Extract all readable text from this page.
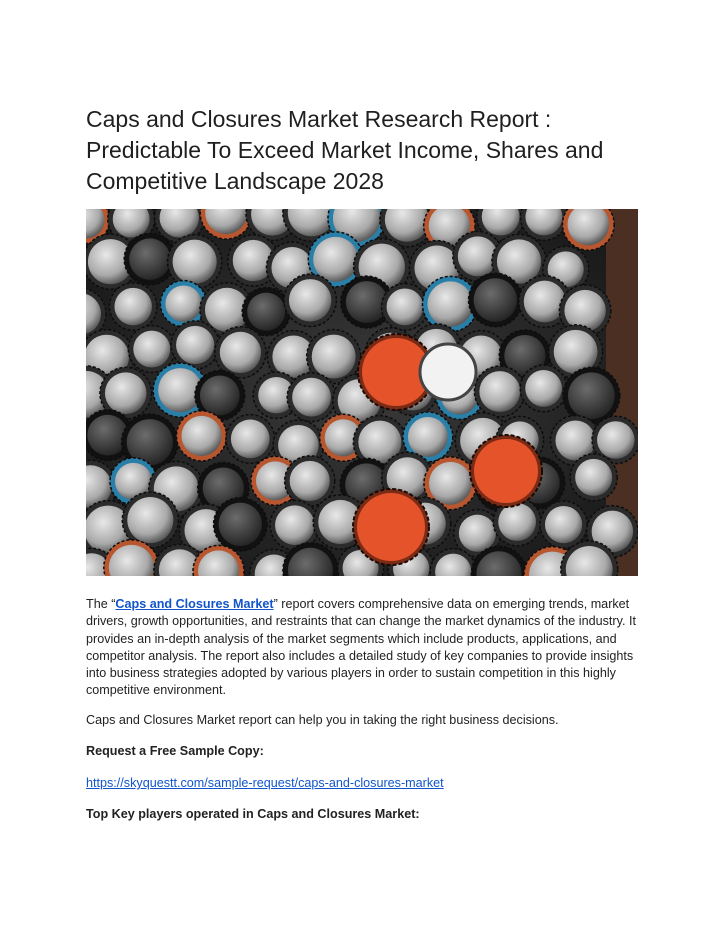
Caps and Closures Market Research Report : Predictable To Exceed Market Income, Shares and Competitive Landscape 2028

The “Caps and Closures Market” report covers comprehensive data on emerging trends, market drivers, growth opportunities, and restraints that can change the market dynamics of the industry. It provides an in-depth analysis of the market segments which include products, applications, and competitor analysis. The report also includes a detailed study of key companies to provide insights into business strategies adopted by various players in order to sustain competition in this highly competitive environment.

Caps and Closures Market report can help you in taking the right business decisions.

Request a Free Sample Copy:

https://skyquestt.com/sample-request/caps-and-closures-market

Top Key players operated in Caps and Closures Market:
